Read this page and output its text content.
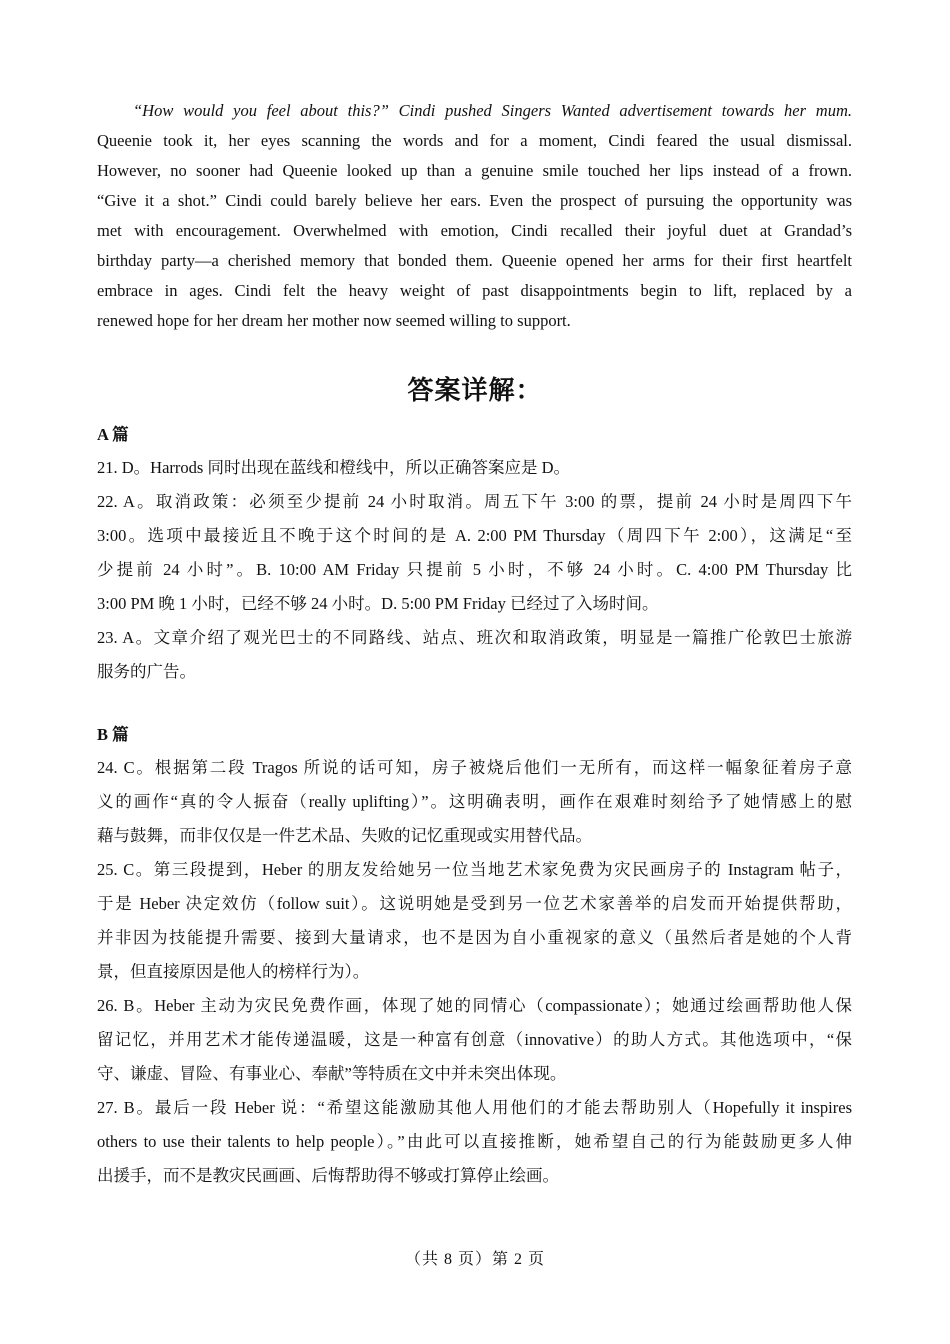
“How would you feel about this?” Cindi pushed Singers Wanted advertisement towards her mum.
Queenie took it, her eyes scanning the words and for a moment, Cindi feared the usual dismissal.
However, no sooner had Queenie looked up than a genuine smile touched her lips instead of a frown.
“Give it a shot.” Cindi could barely believe her ears. Even the prospect of pursuing the opportunity was
met with encouragement. Overwhelmed with emotion, Cindi recalled their joyful duet at Grandad’s
birthday party—a cherished memory that bonded them. Queenie opened her arms for their first heartfelt
embrace in ages. Cindi felt the heavy weight of past disappointments begin to lift, replaced by a
renewed hope for her dream her mother now seemed willing to support.
答案详解：
A 篇
21. D。Harrods 同时出现在蓝线和橙线中，所以正确答案应是 D。
22. A。取消政策：必须至少提前 24 小时取消。周五下午 3:00 的票，提前 24 小时是周四下午
3:00。选项中最接近且不晚于这个时间的是 A. 2:00 PM Thursday（周四下午 2:00），这满足“至
少提前 24 小时”。B. 10:00 AM Friday 只提前 5 小时，不够 24 小时。C. 4:00 PM Thursday 比
3:00 PM 晚 1 小时，已经不够 24 小时。D. 5:00 PM Friday 已经过了入场时间。
23. A。文章介绍了观光巴士的不同路线、站点、班次和取消政策，明显是一篇推广伦敦巴士旅游
服务的广告。
B 篇
24. C。根据第二段 Tragos 所说的话可知，房子被烧后他们一无所有，而这样一幅象征着房子意
义的画作“真的令人振奋（really uplifting）”。这明确表明，画作在艰难时刻给予了她情感上的慰
藉与鼓舞，而非仅仅是一件艺术品、失败的记忆重现或实用替代品。
25. C。第三段提到，Heber 的朋友发给她另一位当地艺术家免费为灾民画房子的 Instagram 帖子，
于是 Heber 决定效仿（follow suit）。这说明她是受到另一位艺术家善举的启发而开始提供帮助，
并非因为技能提升需要、接到大量请求，也不是因为自小重视家的意义（虽然后者是她的个人背
景，但直接原因是他人的榜样行为）。
26. B。Heber 主动为灾民免费作画，体现了她的同情心（compassionate）；她通过绘画帮助他人保
留记忆，并用艺术才能传递温暖，这是一种富有创意（innovative）的助人方式。其他选项中，“保
守、谦虚、冒险、有事业心、奉献”等特质在文中并未突出体现。
27. B。最后一段 Heber 说：“希望这能激励其他人用他们的才能去帮助别人（Hopefully it inspires
others to use their talents to help people）。”由此可以直接推断，她希望自己的行为能鼓励更多人伸
出援手，而不是教灾民画画、后悔帮助得不够或打算停止绘画。
（共 8 页）第 2 页
